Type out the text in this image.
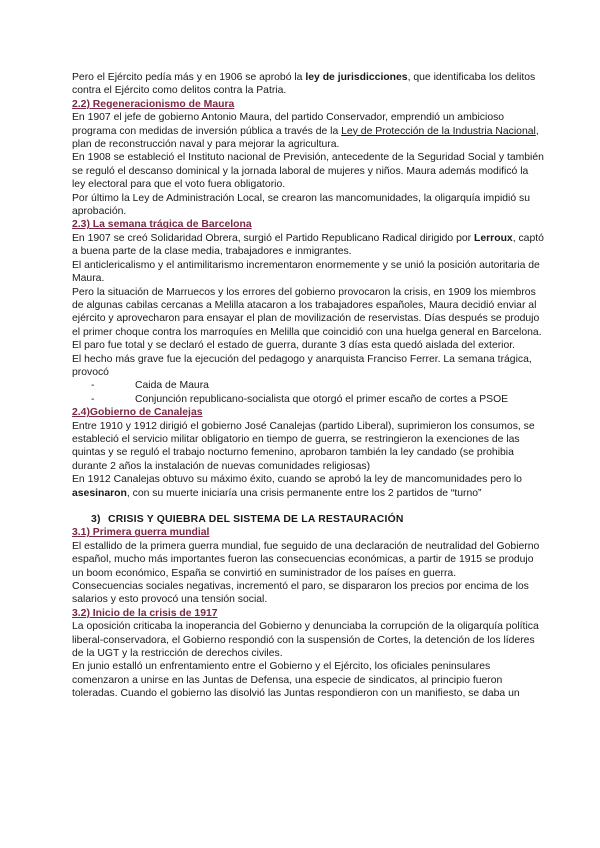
Pero el Ejército pedía más y en 1906 se aprobó la ley de jurisdicciones, que identificaba los delitos contra el Ejército como delitos contra la Patria.

2.2) Regeneracionismo de Maura

En 1907 el jefe de gobierno Antonio Maura, del partido Conservador, emprendió un ambicioso programa con medidas de inversión pública a través de la Ley de Protección de la Industria Nacional, plan de reconstrucción naval y para mejorar la agricultura.

En 1908 se estableció el Instituto nacional de Previsión, antecedente de la Seguridad Social y también se reguló el descanso dominical y la jornada laboral de mujeres y niños. Maura además modificó la ley electoral para que el voto fuera obligatorio.

Por último la Ley de Administración Local, se crearon las mancomunidades, la oligarquía impidió su aprobación.

2.3) La semana trágica de Barcelona

En 1907 se creó Solidaridad Obrera, surgió el Partido Republicano Radical dirigido por Lerroux, captó a buena parte de la clase media, trabajadores e inmigrantes.

El anticlericalismo y el antimilitarismo incrementaron enormemente y se unió la posición autoritaria de Maura.

Pero la situación de Marruecos y los errores del gobierno provocaron la crisis, en 1909 los miembros de algunas cabilas cercanas a Melilla atacaron a los trabajadores españoles, Maura decidió enviar al ejército y aprovecharon para ensayar el plan de movilización de reservistas. Días después se produjo el primer choque contra los marroquíes en Melilla que coincidió con una huelga general en Barcelona. El paro fue total y se declaró el estado de guerra, durante 3 días esta quedó aislada del exterior.

El hecho más grave fue la ejecución del pedagogo y anarquista Franciso Ferrer. La semana trágica, provocó

-	Caida de Maura
-	Conjunción republicano-socialista que otorgó el primer escaño de cortes a PSOE

2.4)Gobierno de Canalejas

Entre 1910 y 1912 dirigió el gobierno José Canalejas (partido Liberal), suprimieron los consumos, se estableció el servicio militar obligatorio en tiempo de guerra, se restringieron la exenciones de las quintas y se reguló el trabajo nocturno femenino, aprobaron también la ley candado (se prohibia durante 2 años la instalación de nuevas comunidades religiosas)

En 1912 Canalejas obtuvo su máximo éxito, cuando se aprobó la ley de mancomunidades pero lo asesinaron, con su muerte iniciaría una crisis permanente entre los 2 partidos de “turno”

3) CRISIS Y QUIEBRA DEL SISTEMA DE LA RESTAURACIÓN

3.1) Primera guerra mundial

El estallido de la primera guerra mundial, fue seguido de una declaración de neutralidad del Gobierno español, mucho más importantes fueron las consecuencias económicas, a partir de 1915 se produjo un boom económico, España se convirtió en suministrador de los países en guerra.

Consecuencias sociales negativas, incrementó el paro, se dispararon los precios por encima de los salarios y esto provocó una tensión social.

3.2) Inicio de la crisis de 1917

La oposición criticaba la inoperancia del Gobierno y denunciaba la corrupción de la oligarquía política liberal-conservadora, el Gobierno respondió con la suspensión de Cortes, la detención de los líderes de la UGT y la restricción de derechos civiles.

En junio estalló un enfrentamiento entre el Gobierno y el Ejército, los oficiales peninsulares comenzaron a unirse en las Juntas de Defensa, una especie de sindicatos, al principio fueron toleradas. Cuando el gobierno las disolvió las Juntas respondieron con un manifiesto, se daba un
